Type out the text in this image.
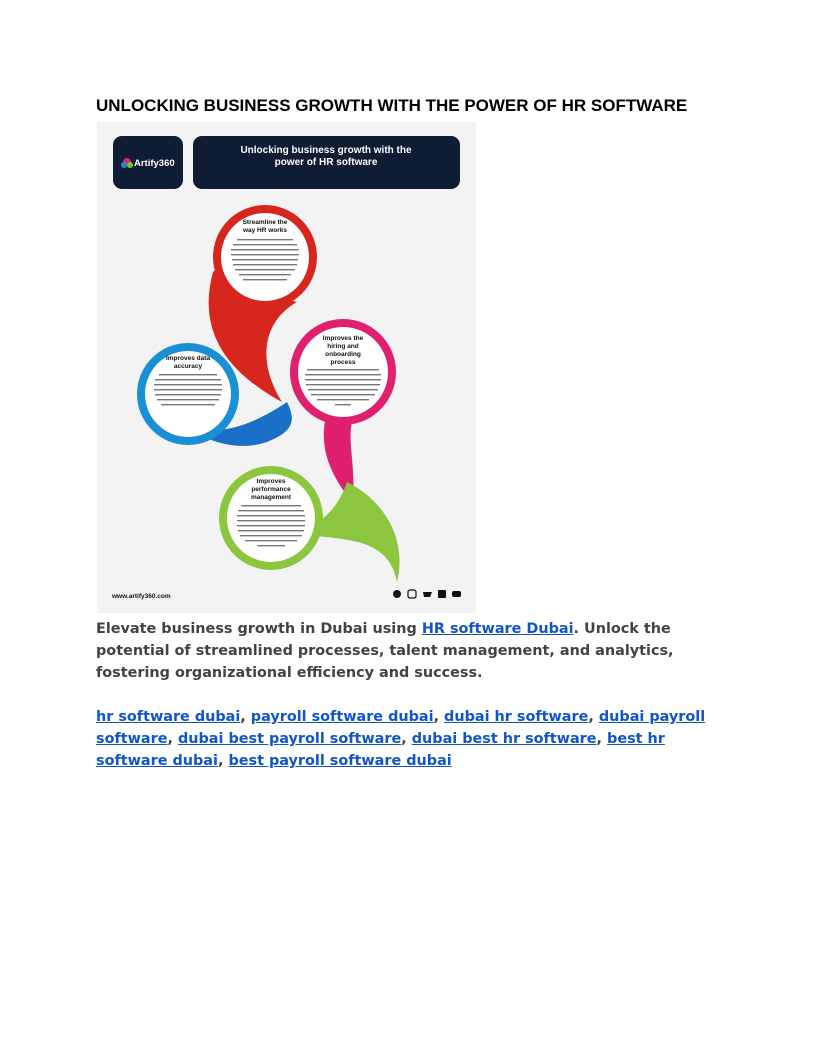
UNLOCKING BUSINESS GROWTH WITH THE POWER OF HR SOFTWARE
Artify360
Unlocking business growth with the
power of HR software
Streamline the
way HR works
Improves the
hiring and
onboarding
process
Improves data
accuracy
Improves
performance
management
www.artify360.com

Elevate business growth in Dubai using HR software Dubai. Unlock the potential of streamlined processes, talent management, and analytics, fostering organizational efficiency and success.

hr software dubai, payroll software dubai, dubai hr software, dubai payroll software, dubai best payroll software, dubai best hr software, best hr software dubai, best payroll software dubai
